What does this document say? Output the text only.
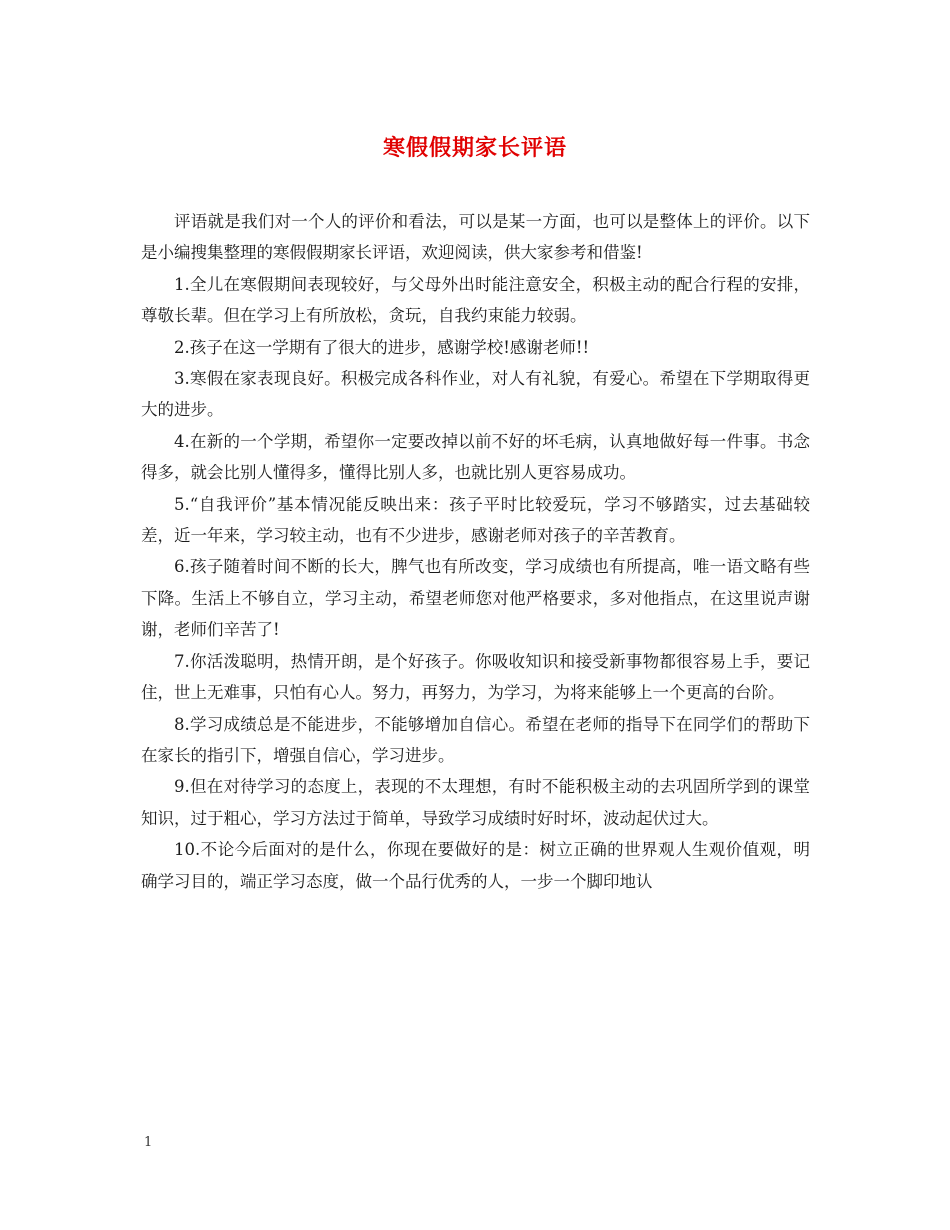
寒假假期家长评语

评语就是我们对一个人的评价和看法，可以是某一方面，也可以是整体上的评价。以下是小编搜集整理的寒假假期家长评语，欢迎阅读，供大家参考和借鉴!

1.全儿在寒假期间表现较好，与父母外出时能注意安全，积极主动的配合行程的安排，尊敬长辈。但在学习上有所放松，贪玩，自我约束能力较弱。

2.孩子在这一学期有了很大的进步，感谢学校!感谢老师!!

3.寒假在家表现良好。积极完成各科作业，对人有礼貌，有爱心。希望在下学期取得更大的进步。

4.在新的一个学期，希望你一定要改掉以前不好的坏毛病，认真地做好每一件事。书念得多，就会比别人懂得多，懂得比别人多，也就比别人更容易成功。

5.“自我评价”基本情况能反映出来：孩子平时比较爱玩，学习不够踏实，过去基础较差，近一年来，学习较主动，也有不少进步，感谢老师对孩子的辛苦教育。

6.孩子随着时间不断的长大，脾气也有所改变，学习成绩也有所提高，唯一语文略有些下降。生活上不够自立，学习主动，希望老师您对他严格要求，多对他指点，在这里说声谢谢，老师们辛苦了!

7.你活泼聪明，热情开朗，是个好孩子。你吸收知识和接受新事物都很容易上手，要记住，世上无难事，只怕有心人。努力，再努力，为学习，为将来能够上一个更高的台阶。

8.学习成绩总是不能进步，不能够增加自信心。希望在老师的指导下在同学们的帮助下在家长的指引下，增强自信心，学习进步。

9.但在对待学习的态度上，表现的不太理想，有时不能积极主动的去巩固所学到的课堂知识，过于粗心，学习方法过于简单，导致学习成绩时好时坏，波动起伏过大。

10.不论今后面对的是什么，你现在要做好的是：树立正确的世界观人生观价值观，明确学习目的，端正学习态度，做一个品行优秀的人，一步一个脚印地认

1
